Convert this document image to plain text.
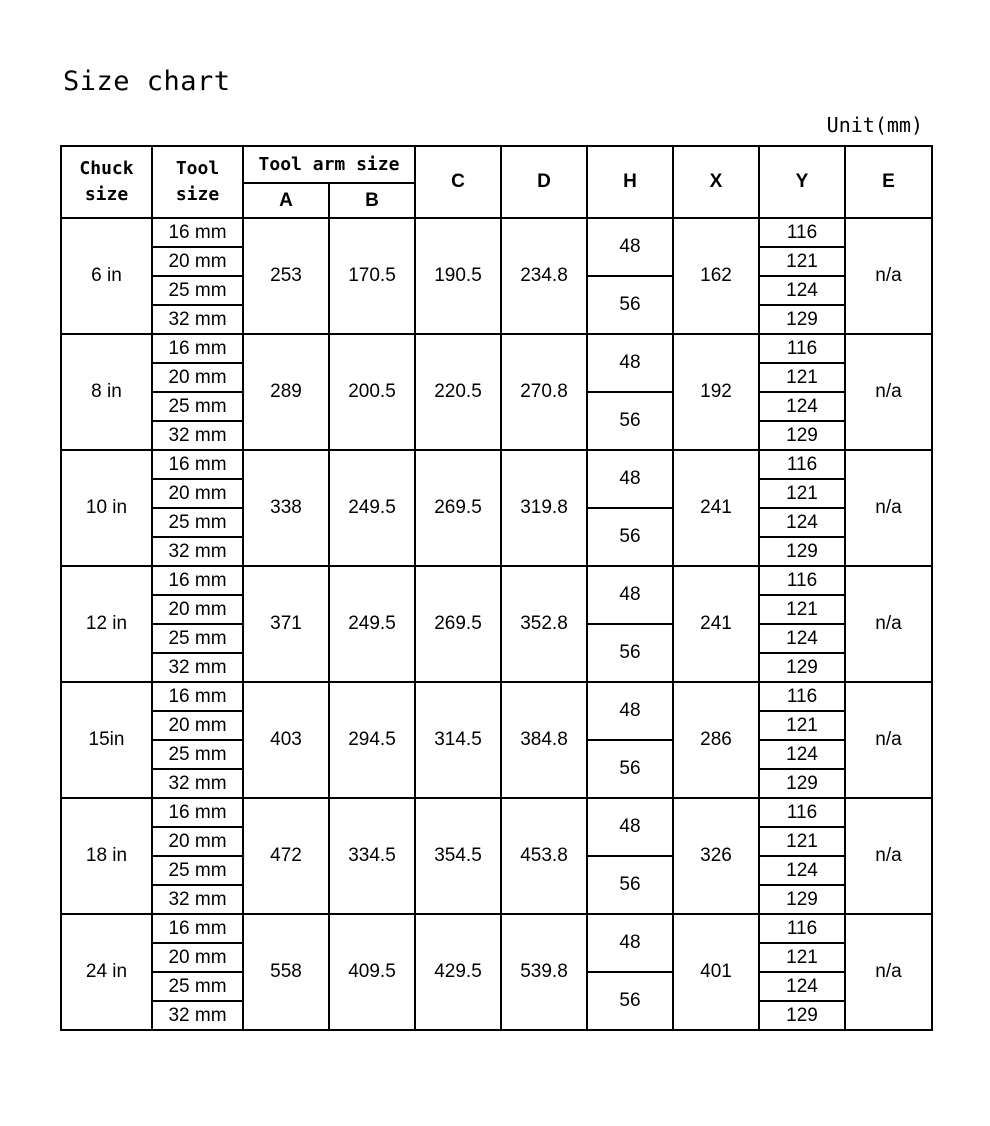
Size chart
Unit(mm)
Chuck size	Tool size	Tool arm size		C	D	H	X	Y	E
		A	B						
6 in	16 mm	253	170.5	190.5	234.8	48	162	116	n/a
	20 mm							121	
	25 mm					56		124	
	32 mm							129	
8 in	16 mm	289	200.5	220.5	270.8	48	192	116	n/a
	20 mm							121	
	25 mm					56		124	
	32 mm							129	
10 in	16 mm	338	249.5	269.5	319.8	48	241	116	n/a
	20 mm							121	
	25 mm					56		124	
	32 mm							129	
12 in	16 mm	371	249.5	269.5	352.8	48	241	116	n/a
	20 mm							121	
	25 mm					56		124	
	32 mm							129	
15in	16 mm	403	294.5	314.5	384.8	48	286	116	n/a
	20 mm							121	
	25 mm					56		124	
	32 mm							129	
18 in	16 mm	472	334.5	354.5	453.8	48	326	116	n/a
	20 mm							121	
	25 mm					56		124	
	32 mm							129	
24 in	16 mm	558	409.5	429.5	539.8	48	401	116	n/a
	20 mm							121	
	25 mm					56		124	
	32 mm							129	
